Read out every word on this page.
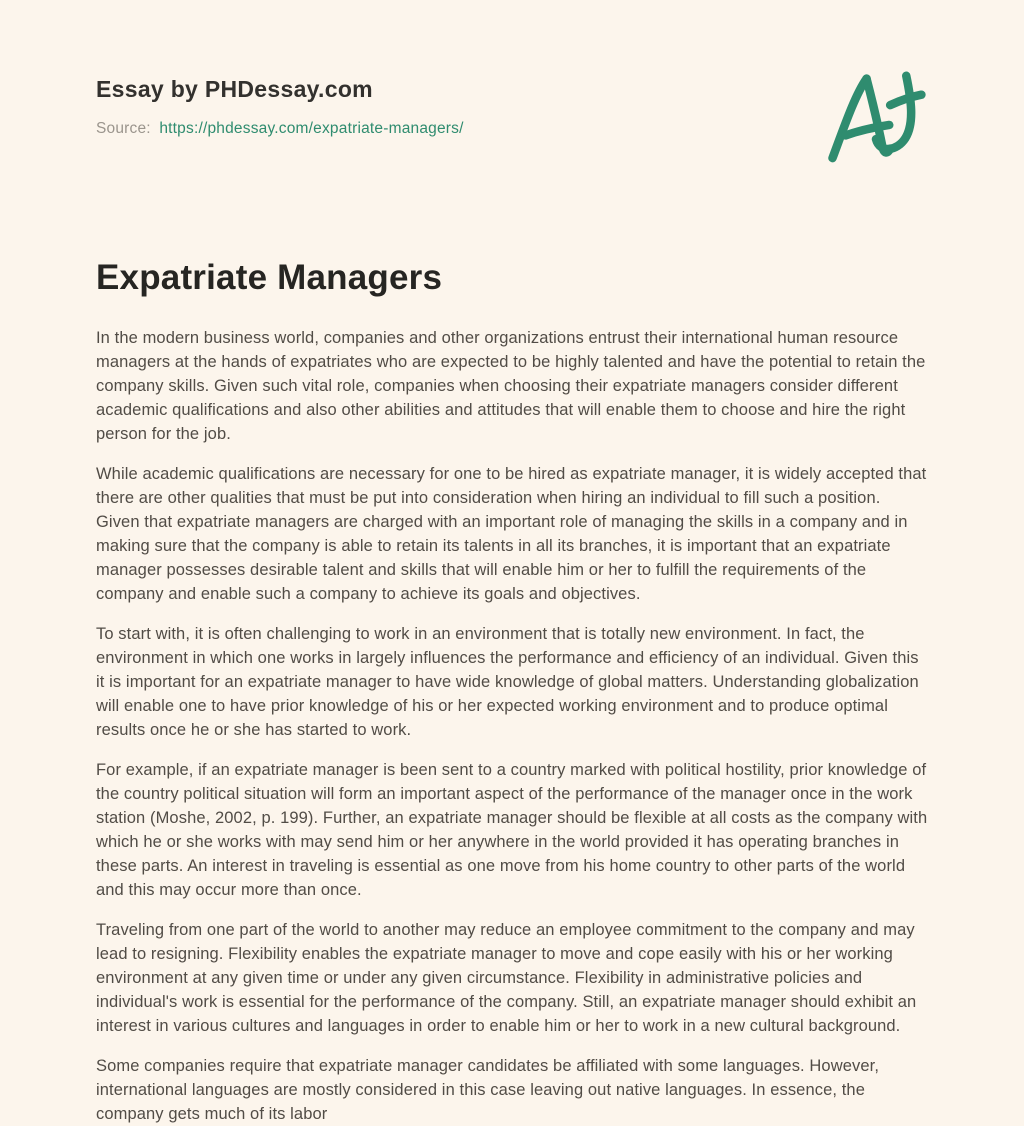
Essay by PHDessay.com
Source: https://phdessay.com/expatriate-managers/
Expatriate Managers

In the modern business world, companies and other organizations entrust their international human resource managers at the hands of expatriates who are expected to be highly talented and have the potential to retain the company skills. Given such vital role, companies when choosing their expatriate managers consider different academic qualifications and also other abilities and attitudes that will enable them to choose and hire the right person for the job.

While academic qualifications are necessary for one to be hired as expatriate manager, it is widely accepted that there are other qualities that must be put into consideration when hiring an individual to fill such a position. Given that expatriate managers are charged with an important role of managing the skills in a company and in making sure that the company is able to retain its talents in all its branches, it is important that an expatriate manager possesses desirable talent and skills that will enable him or her to fulfill the requirements of the company and enable such a company to achieve its goals and objectives.

To start with, it is often challenging to work in an environment that is totally new environment. In fact, the environment in which one works in largely influences the performance and efficiency of an individual. Given this it is important for an expatriate manager to have wide knowledge of global matters. Understanding globalization will enable one to have prior knowledge of his or her expected working environment and to produce optimal results once he or she has started to work.

For example, if an expatriate manager is been sent to a country marked with political hostility, prior knowledge of the country political situation will form an important aspect of the performance of the manager once in the work station (Moshe, 2002, p. 199). Further, an expatriate manager should be flexible at all costs as the company with which he or she works with may send him or her anywhere in the world provided it has operating branches in these parts. An interest in traveling is essential as one move from his home country to other parts of the world and this may occur more than once.

Traveling from one part of the world to another may reduce an employee commitment to the company and may lead to resigning. Flexibility enables the expatriate manager to move and cope easily with his or her working environment at any given time or under any given circumstance. Flexibility in administrative policies and individual's work is essential for the performance of the company. Still, an expatriate manager should exhibit an interest in various cultures and languages in order to enable him or her to work in a new cultural background.

Some companies require that expatriate manager candidates be affiliated with some languages. However, international languages are mostly considered in this case leaving out native languages. In essence, the company gets much of its labor
